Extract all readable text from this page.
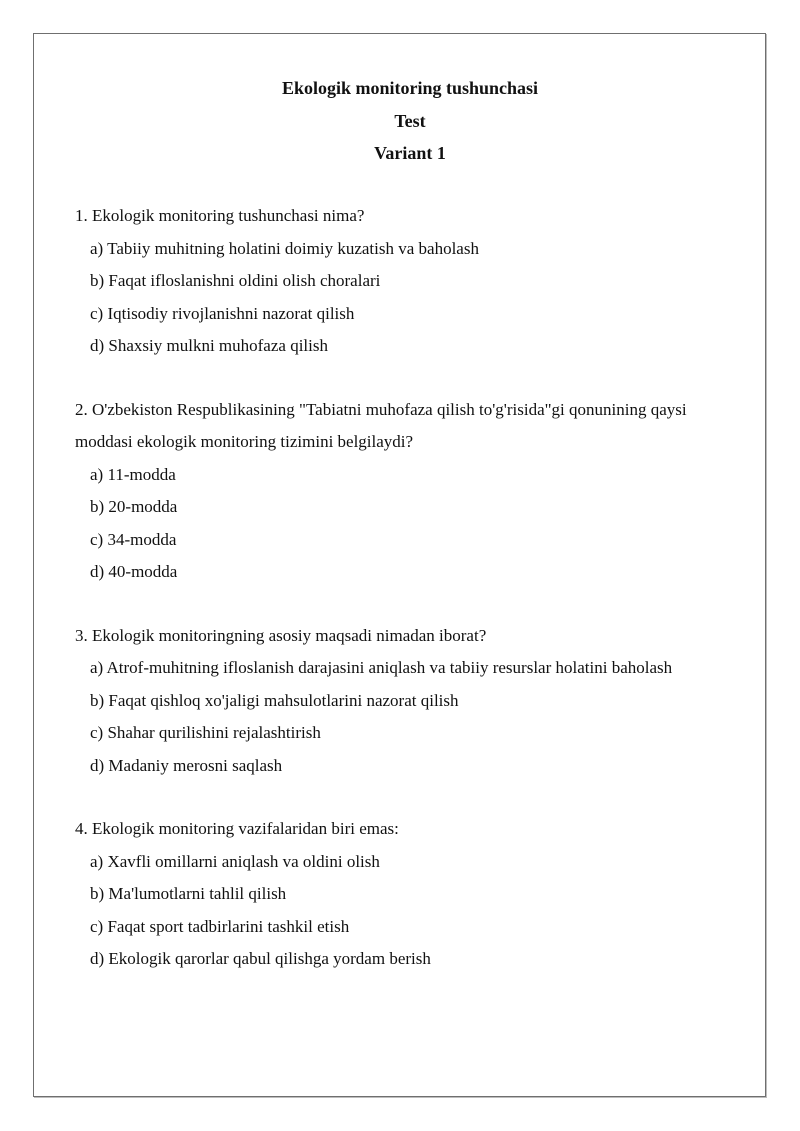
Ekologik monitoring tushunchasi
Test
Variant 1
1. Ekologik monitoring tushunchasi nima?
a) Tabiiy muhitning holatini doimiy kuzatish va baholash
b) Faqat ifloslanishni oldini olish choralari
c) Iqtisodiy rivojlanishni nazorat qilish
d) Shaxsiy mulkni muhofaza qilish
2. O'zbekiston Respublikasining "Tabiatni muhofaza qilish to'g'risida"gi qonunining qaysi moddasi ekologik monitoring tizimini belgilaydi?
a) 11-modda
b) 20-modda
c) 34-modda
d) 40-modda
3. Ekologik monitoringning asosiy maqsadi nimadan iborat?
a) Atrof-muhitning ifloslanish darajasini aniqlash va tabiiy resurslar holatini baholash
b) Faqat qishloq xo'jaligi mahsulotlarini nazorat qilish
c) Shahar qurilishini rejalashtirish
d) Madaniy merosni saqlash
4. Ekologik monitoring vazifalaridan biri emas:
a) Xavfli omillarni aniqlash va oldini olish
b) Ma'lumotlarni tahlil qilish
c) Faqat sport tadbirlarini tashkil etish
d) Ekologik qarorlar qabul qilishga yordam berish
